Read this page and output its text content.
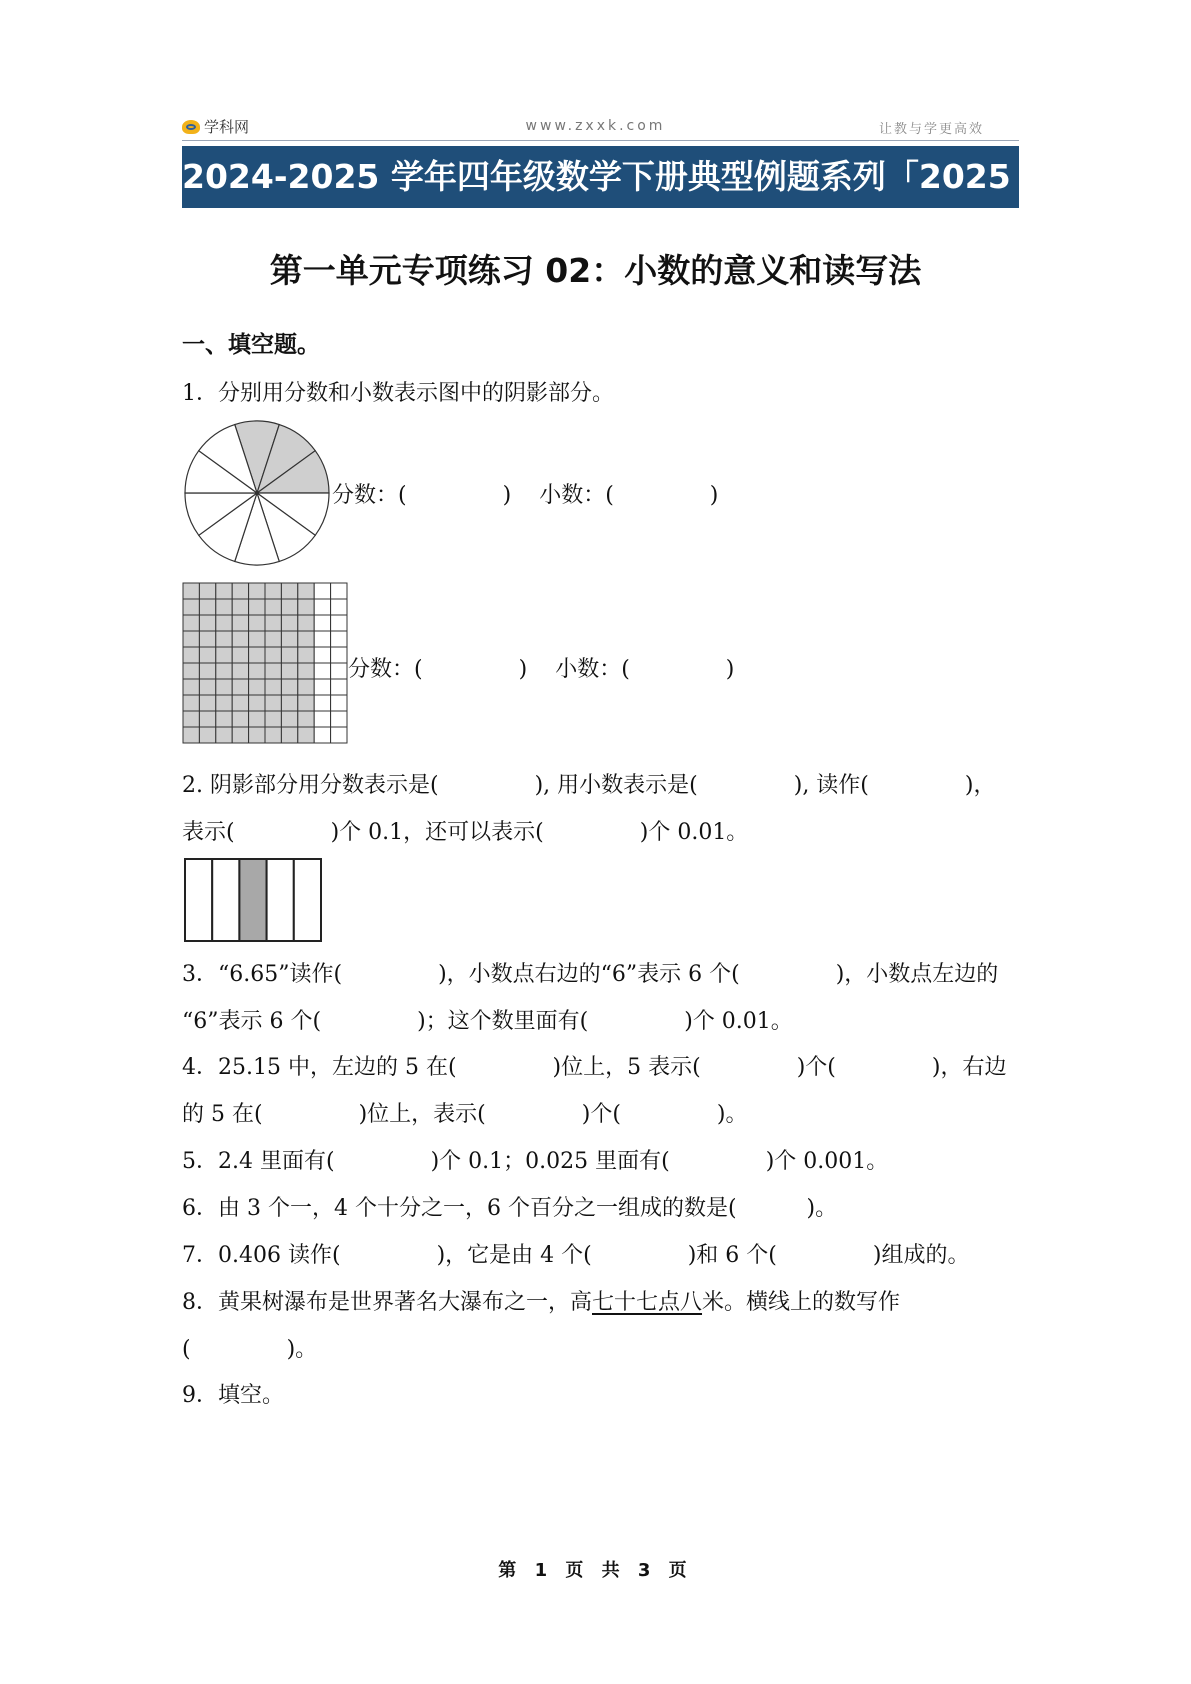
学科网	www.zxxk.com	让教与学更高效
2024-2025 学年四年级数学下册典型例题系列「2025 版」
第一单元专项练习 02：小数的意义和读写法
一、填空题。
1．分别用分数和小数表示图中的阴影部分。
分数：(	) 小数：(	)
分数：(	) 小数：(	)
2. 阴影部分用分数表示是(	), 用小数表示是(	), 读作(	)，
表示(	)个 0.1，还可以表示(	)个 0.01。
3．“6.65”读作(	)，小数点右边的“6”表示 6 个(	)，小数点左边的
“6”表示 6 个(	)；这个数里面有(	)个 0.01。
4．25.15 中，左边的 5 在(	)位上，5 表示(	)个(	)，右边
的 5 在(	)位上，表示(	)个(	)。
5．2.4 里面有(	)个 0.1；0.025 里面有(	)个 0.001。
6．由 3 个一，4 个十分之一，6 个百分之一组成的数是(	)。
7．0.406 读作(	)，它是由 4 个(	)和 6 个(	)组成的。
8．黄果树瀑布是世界著名大瀑布之一，高七十七点八米。横线上的数写作
(	)。
9．填空。
第 1 页 共 3 页
